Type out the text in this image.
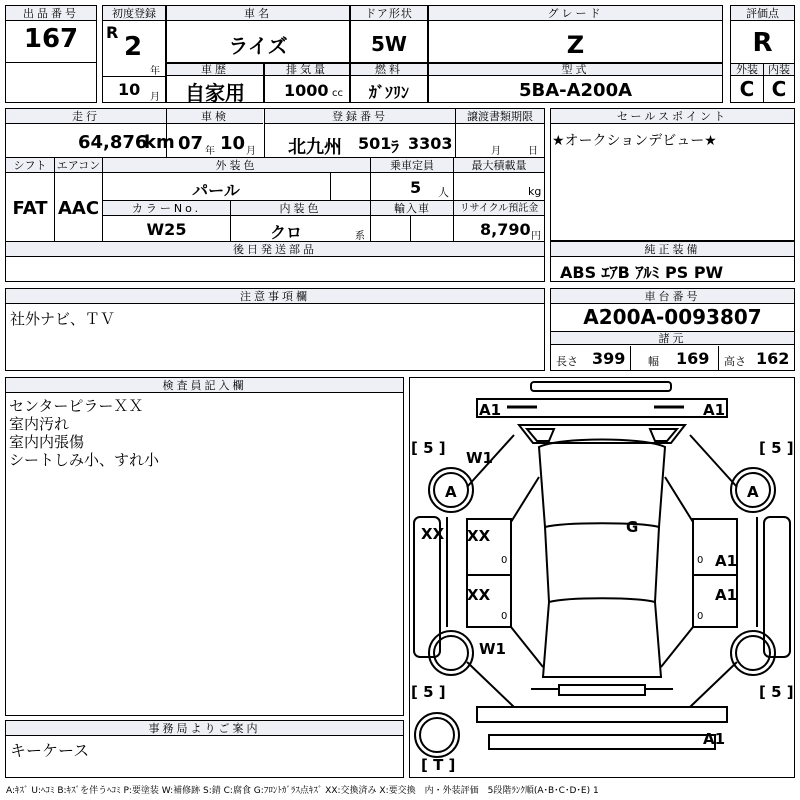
出品番号
167
初度登録
R 2
年
10 月
車名
ライズ
車歴
自家用
排気量
1000 cc
ドア形状
5W
燃料
ｶﾞｿﾘﾝ
グレード
Z
型式
5BA-A200A
評価点
R
外装 内装
C C
走行
64,876
km
車検
07 年 10 月
登録番号
北九州 501 ﾗ 3303
譲渡書類期限
月	日
シフト
FAT
エアコン
AAC
外装色
パール
乗車定員
5 人
最大積載量
kg
カラーNo.
W25
内装色
クロ	系
輸入車	リサイクル預託金
8,790 円
後日発送部品
セールスポイント
★オークションデビュー★
純正装備
ABS ｴｱB ｱﾙﾐ PS PW
注意事項欄
社外ナビ、ＴＶ
車台番号
A200A-0093807
諸元
長さ 399 幅 169 高さ 162
検査員記入欄
センターピラーＸＸ
室内汚れ
室内内張傷
シートしみ小、すれ小
事務局よりご案内
キーケース
A1	A1
[ 5 ]	[ 5 ]
W1
A	A
XX XX
XX
G
A1
A1
W1
[ 5 ]	[ 5 ]
A1
[ T ]
0
0
0
0
A:ｷｽﾞ U:ﾍｺﾐ B:ｷｽﾞを伴うﾍｺﾐ P:要塗装 W:補修跡 S:錆 C:腐食 G:ﾌﾛﾝﾄｶﾞﾗｽ点ｷｽﾞ XX:交換済み X:要交換　内・外装評価　5段階ﾗﾝｸ順(A･B･C･D･E) 1
